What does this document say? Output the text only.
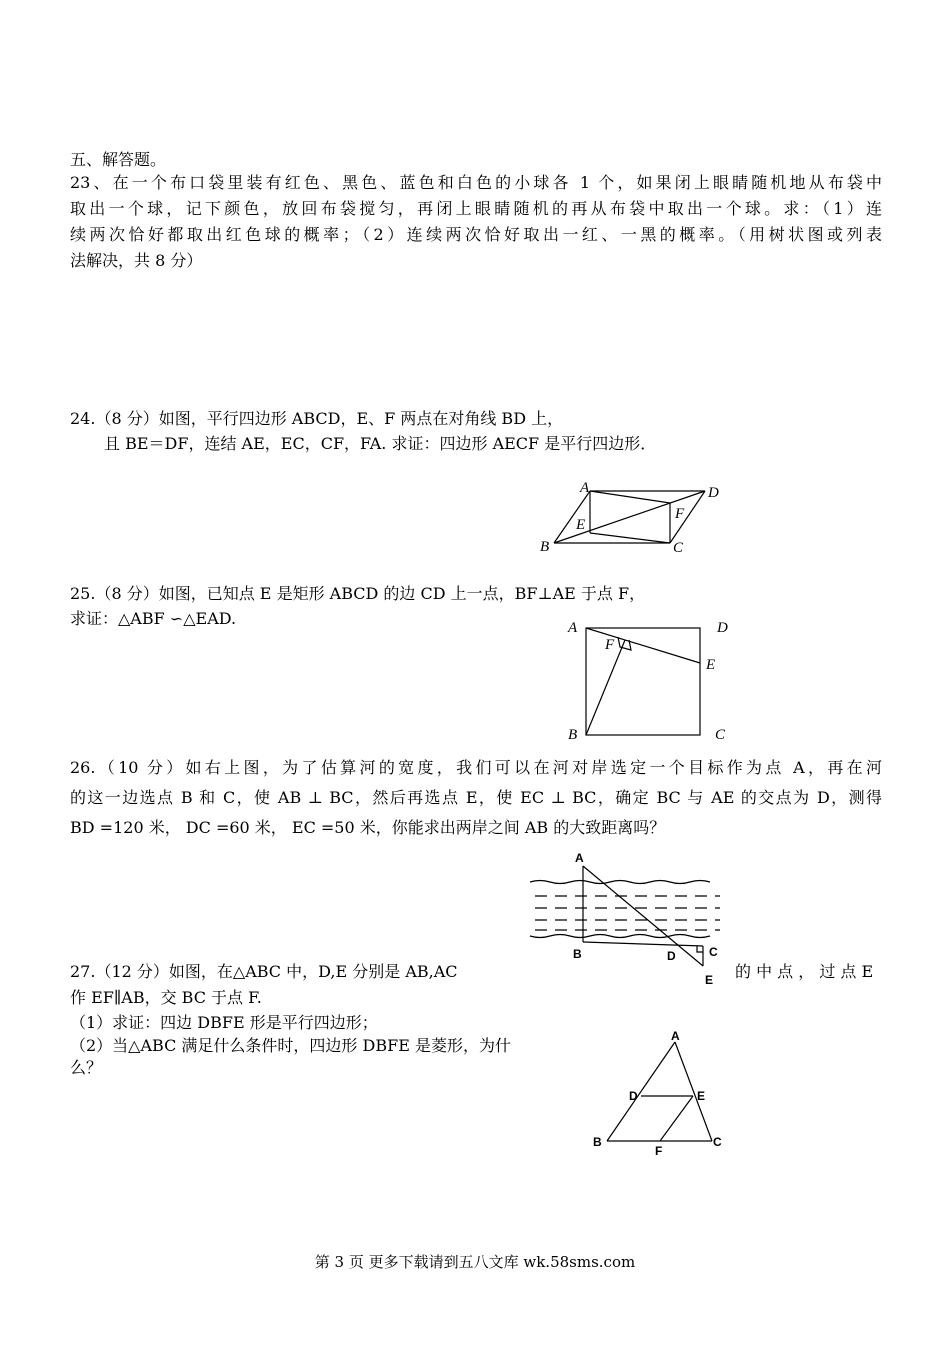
五、解答题。
23、在一个布口袋里装有红色、黑色、蓝色和白色的小球各 1 个，如果闭上眼睛随机地从布袋中
取出一个球，记下颜色，放回布袋搅匀，再闭上眼睛随机的再从布袋中取出一个球。求：（1）连
续两次恰好都取出红色球的概率；（2）连续两次恰好取出一红、一黑的概率。（用树状图或列表
法解决，共 8 分）
24.（8 分）如图，平行四边形 ABCD，E、F 两点在对角线 BD 上，
且 BE＝DF，连结 AE，EC，CF，FA. 求证：四边形 AECF 是平行四边形．
A	D
E
F
B	C
25.（8 分）如图，已知点 E 是矩形 ABCD 的边 CD 上一点，BF⊥AE 于点 F，
求证：△ABF ∽△EAD.	A	D
F
E
B	C
26.（10 分）如右上图，为了估算河的宽度，我们可以在河对岸选定一个目标作为点 A，再在河
的这一边选点 B 和 C，使 AB ⊥ BC，然后再选点 E，使 EC ⊥ BC，确定 BC 与 AE 的交点为 D，测得
BD =120 米， DC =60 米， EC =50 米，你能求出两岸之间 AB 的大致距离吗？
A
B	D	C
E
27.（12 分）如图，在△ABC 中，D,E 分别是 AB,AC	的 中 点 ， 过 点 E
作 EF∥AB，交 BC 于点 F.
（1）求证：四边 DBFE 形是平行四边形；
（2）当△ABC 满足什么条件时，四边形 DBFE 是菱形，为什
么？
A
D	E
B
F
C
第 3 页 更多下载请到五八文库 wk.58sms.com
